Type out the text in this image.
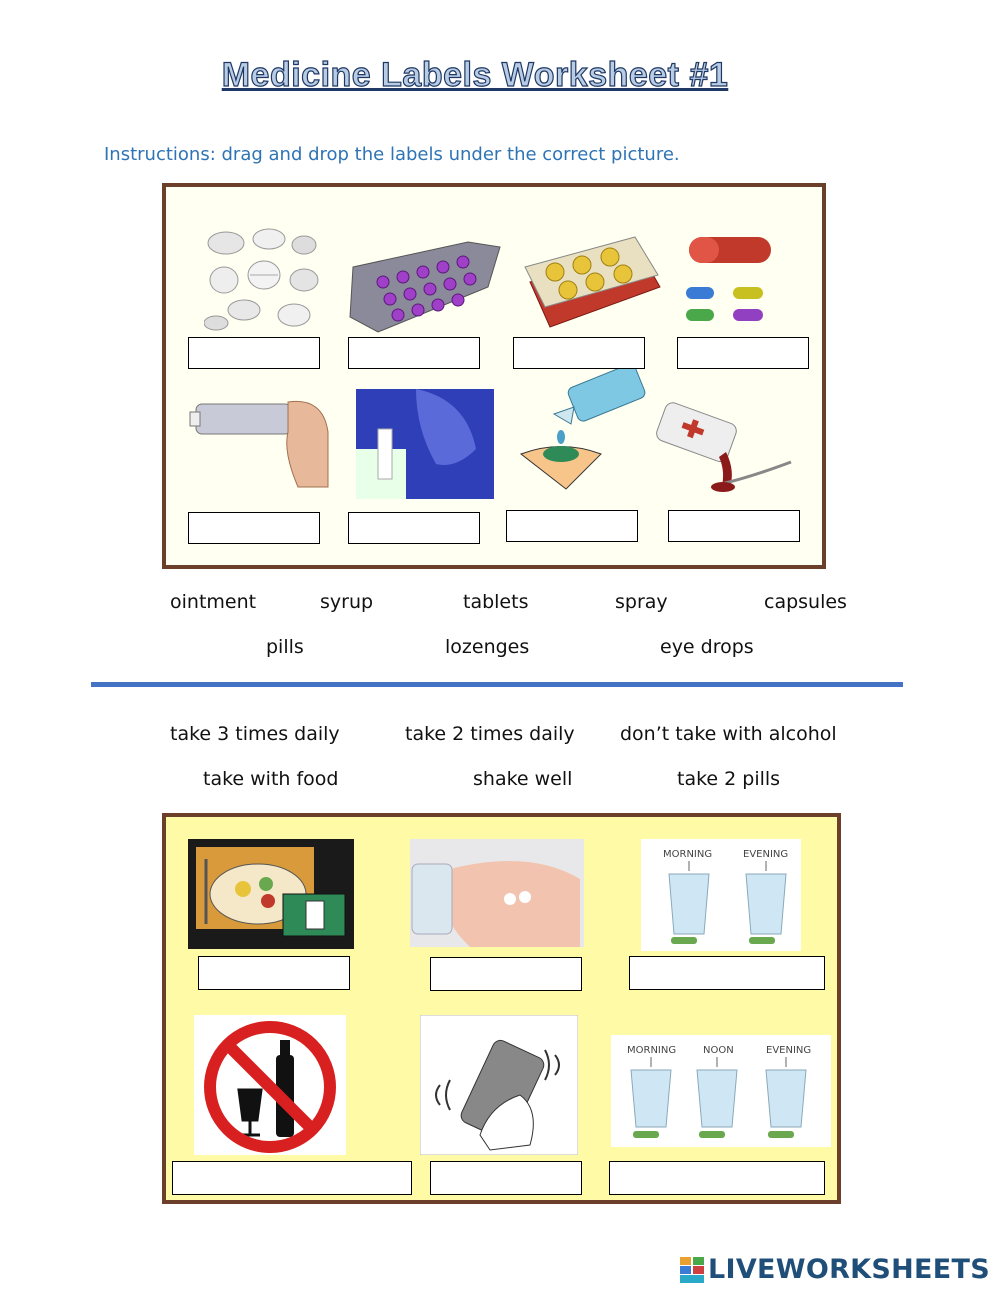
Medicine Labels Worksheet #1
Instructions: drag and drop the labels under the correct picture.
ointment	syrup	tablets	spray	capsules
pills	lozenges	eye drops
take 3 times daily	take 2 times daily don’t take with alcohol
take with food	shake well	take 2 pills
MORNING	EVENING
MORNING	NOON	EVENING
LIVEWORKSHEETS
